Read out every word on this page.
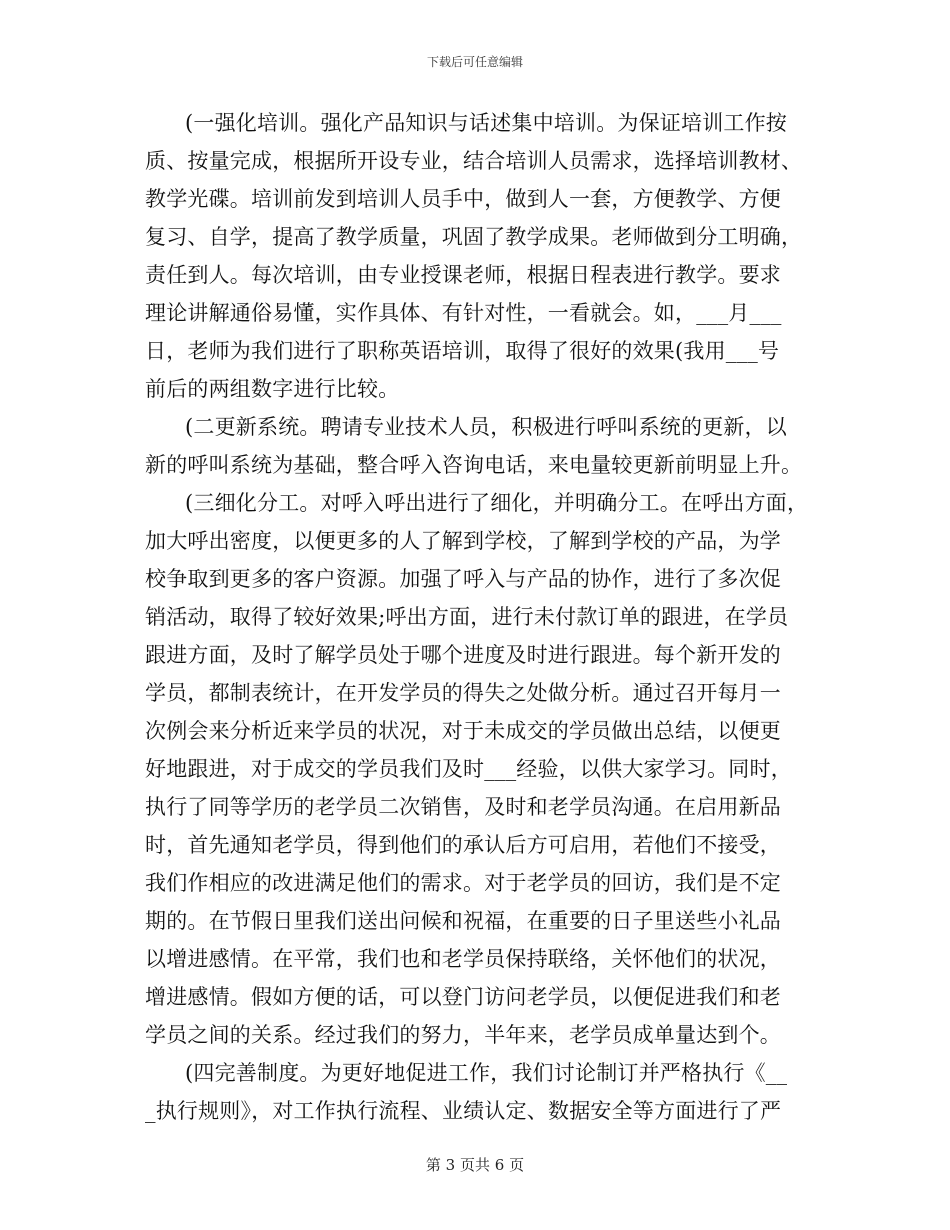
下载后可任意编辑
(一强化培训。强化产品知识与话述集中培训。为保证培训工作按
质、按量完成，根据所开设专业，结合培训人员需求，选择培训教材、
教学光碟。培训前发到培训人员手中，做到人一套，方便教学、方便
复习、自学，提高了教学质量，巩固了教学成果。老师做到分工明确，
责任到人。每次培训，由专业授课老师，根据日程表进行教学。要求
理论讲解通俗易懂，实作具体、有针对性，一看就会。如，___月___
日，老师为我们进行了职称英语培训，取得了很好的效果(我用___号
前后的两组数字进行比较。
(二更新系统。聘请专业技术人员，积极进行呼叫系统的更新，以
新的呼叫系统为基础，整合呼入咨询电话，来电量较更新前明显上升。
(三细化分工。对呼入呼出进行了细化，并明确分工。在呼出方面，
加大呼出密度，以便更多的人了解到学校，了解到学校的产品，为学
校争取到更多的客户资源。加强了呼入与产品的协作，进行了多次促
销活动，取得了较好效果;呼出方面，进行未付款订单的跟进，在学员
跟进方面，及时了解学员处于哪个进度及时进行跟进。每个新开发的
学员，都制表统计，在开发学员的得失之处做分析。通过召开每月一
次例会来分析近来学员的状况，对于未成交的学员做出总结，以便更
好地跟进，对于成交的学员我们及时___经验，以供大家学习。同时，
执行了同等学历的老学员二次销售，及时和老学员沟通。在启用新品
时，首先通知老学员，得到他们的承认后方可启用，若他们不接受，
我们作相应的改进满足他们的需求。对于老学员的回访，我们是不定
期的。在节假日里我们送出问候和祝福，在重要的日子里送些小礼品
以增进感情。在平常，我们也和老学员保持联络，关怀他们的状况，
增进感情。假如方便的话，可以登门访问老学员，以便促进我们和老
学员之间的关系。经过我们的努力，半年来，老学员成单量达到个。
(四完善制度。为更好地促进工作，我们讨论制订并严格执行《__
_执行规则》，对工作执行流程、业绩认定、数据安全等方面进行了严
第 3 页共 6 页
